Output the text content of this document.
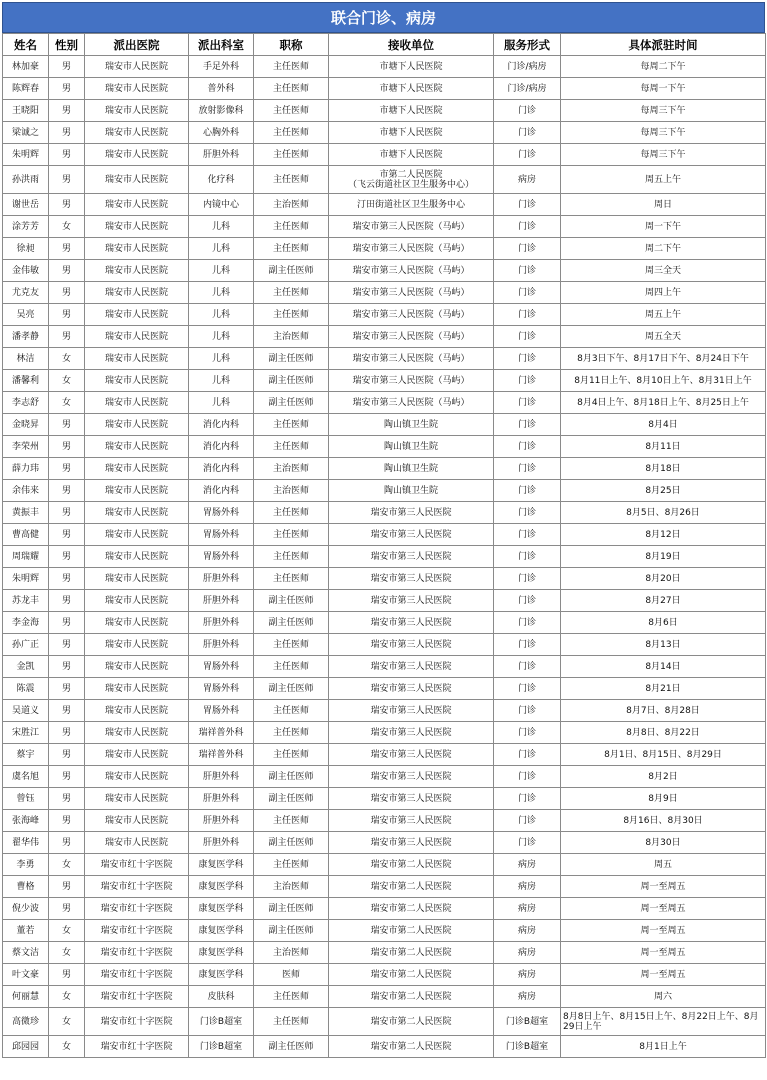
联合门诊、病房
姓名	性别	派出医院	派出科室	职称	接收单位	服务形式	具体派驻时间
林加豪	男	瑞安市人民医院	手足外科	主任医师	市塘下人民医院	门诊/病房	每周二下午
陈辉春	男	瑞安市人民医院	普外科	主任医师	市塘下人民医院	门诊/病房	每周一下午
王晓阳	男	瑞安市人民医院	放射影像科	主任医师	市塘下人民医院	门诊	每周三下午
梁诚之	男	瑞安市人民医院	心胸外科	主任医师	市塘下人民医院	门诊	每周三下午
朱明辉	男	瑞安市人民医院	肝胆外科	主任医师	市塘下人民医院	门诊	每周三下午
孙洪雨	男	瑞安市人民医院	化疗科	主任医师	市第二人民医院
（飞云街道社区卫生服务中心）	病房	周五上午
谢世岳	男	瑞安市人民医院	内镜中心	主治医师	汀田街道社区卫生服务中心	门诊	周日
涂芳芳	女	瑞安市人民医院	儿科	主任医师	瑞安市第三人民医院（马屿）	门诊	周一下午
徐昶	男	瑞安市人民医院	儿科	主任医师	瑞安市第三人民医院（马屿）	门诊	周二下午
金伟敏	男	瑞安市人民医院	儿科	副主任医师	瑞安市第三人民医院（马屿）	门诊	周三全天
尤克友	男	瑞安市人民医院	儿科	主任医师	瑞安市第三人民医院（马屿）	门诊	周四上午
吴亮	男	瑞安市人民医院	儿科	主任医师	瑞安市第三人民医院（马屿）	门诊	周五上午
潘孝静	男	瑞安市人民医院	儿科	主治医师	瑞安市第三人民医院（马屿）	门诊	周五全天
林洁	女	瑞安市人民医院	儿科	副主任医师	瑞安市第三人民医院（马屿）	门诊	8月3日下午、8月17日下午、8月24日下午
潘馨利	女	瑞安市人民医院	儿科	副主任医师	瑞安市第三人民医院（马屿）	门诊	8月11日上午、8月10日上午、8月31日上午
李志舒	女	瑞安市人民医院	儿科	副主任医师	瑞安市第三人民医院（马屿）	门诊	8月4日上午、8月18日上午、8月25日上午
金晓昇	男	瑞安市人民医院	消化内科	主任医师	陶山镇卫生院	门诊	8月4日
李荣州	男	瑞安市人民医院	消化内科	主任医师	陶山镇卫生院	门诊	8月11日
薛力玮	男	瑞安市人民医院	消化内科	主治医师	陶山镇卫生院	门诊	8月18日
余伟来	男	瑞安市人民医院	消化内科	主治医师	陶山镇卫生院	门诊	8月25日
黄振丰	男	瑞安市人民医院	胃肠外科	主任医师	瑞安市第三人民医院	门诊	8月5日、8月26日
曹高健	男	瑞安市人民医院	胃肠外科	主任医师	瑞安市第三人民医院	门诊	8月12日
周瑞耀	男	瑞安市人民医院	胃肠外科	主任医师	瑞安市第三人民医院	门诊	8月19日
朱明辉	男	瑞安市人民医院	肝胆外科	主任医师	瑞安市第三人民医院	门诊	8月20日
苏龙丰	男	瑞安市人民医院	肝胆外科	副主任医师	瑞安市第三人民医院	门诊	8月27日
李金海	男	瑞安市人民医院	肝胆外科	副主任医师	瑞安市第三人民医院	门诊	8月6日
孙广正	男	瑞安市人民医院	肝胆外科	主任医师	瑞安市第三人民医院	门诊	8月13日
金凯	男	瑞安市人民医院	胃肠外科	主任医师	瑞安市第三人民医院	门诊	8月14日
陈震	男	瑞安市人民医院	胃肠外科	副主任医师	瑞安市第三人民医院	门诊	8月21日
吴道义	男	瑞安市人民医院	胃肠外科	主任医师	瑞安市第三人民医院	门诊	8月7日、8月28日
宋胜江	男	瑞安市人民医院	瑞祥普外科	主任医师	瑞安市第三人民医院	门诊	8月8日、8月22日
蔡宇	男	瑞安市人民医院	瑞祥普外科	主任医师	瑞安市第三人民医院	门诊	8月1日、8月15日、8月29日
虞名旭	男	瑞安市人民医院	肝胆外科	副主任医师	瑞安市第三人民医院	门诊	8月2日
曾钰	男	瑞安市人民医院	肝胆外科	副主任医师	瑞安市第三人民医院	门诊	8月9日
张海峰	男	瑞安市人民医院	肝胆外科	主任医师	瑞安市第三人民医院	门诊	8月16日、8月30日
翟华伟	男	瑞安市人民医院	肝胆外科	副主任医师	瑞安市第三人民医院	门诊	8月30日
李勇	女	瑞安市红十字医院	康复医学科	主任医师	瑞安市第二人民医院	病房	周五
曹格	男	瑞安市红十字医院	康复医学科	主治医师	瑞安市第二人民医院	病房	周一至周五
倪少波	男	瑞安市红十字医院	康复医学科	副主任医师	瑞安市第二人民医院	病房	周一至周五
董若	女	瑞安市红十字医院	康复医学科	副主任医师	瑞安市第二人民医院	病房	周一至周五
蔡文洁	女	瑞安市红十字医院	康复医学科	主治医师	瑞安市第二人民医院	病房	周一至周五
叶文豪	男	瑞安市红十字医院	康复医学科	医师	瑞安市第二人民医院	病房	周一至周五
何丽慧	女	瑞安市红十字医院	皮肤科	主任医师	瑞安市第二人民医院	病房	周六
高微珍	女	瑞安市红十字医院	门诊B超室	主任医师	瑞安市第二人民医院	门诊B超室	8月8日上午、8月15日上午、8月22日上午、8月29日上午
邱园园	女	瑞安市红十字医院	门诊B超室	副主任医师	瑞安市第二人民医院	门诊B超室	8月1日上午
